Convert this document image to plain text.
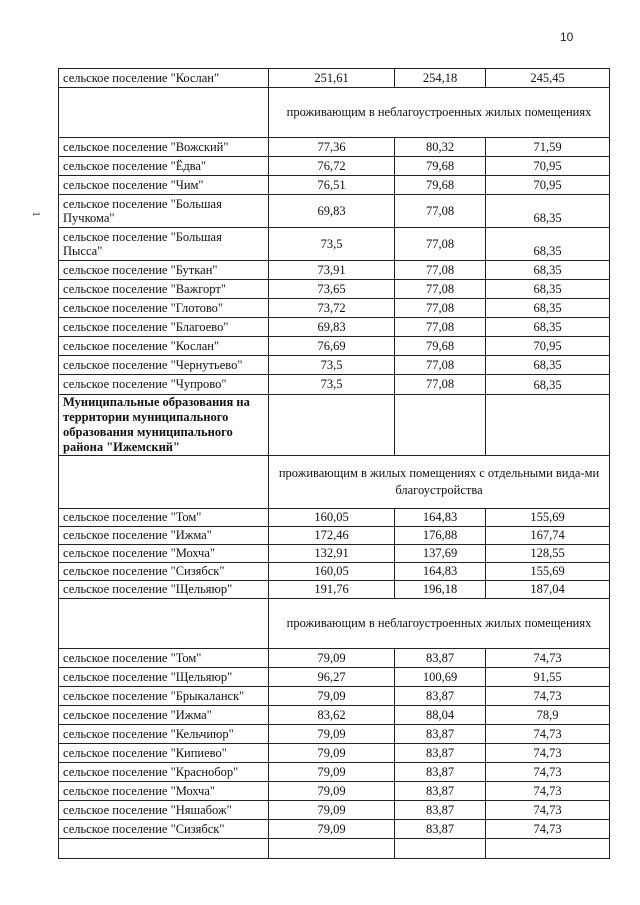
10
1
сельское поселение "Кослан"	251,61	254,18	245,45
	проживающим в неблагоустроенных жилых помещениях		
сельское поселение "Вожский"	77,36	80,32	71,59
сельское поселение "Ёдва"	76,72	79,68	70,95
сельское поселение "Чим"	76,51	79,68	70,95
сельское поселение "Большая Пучкома"	69,83	77,08	68,35
сельское поселение "Большая Пысса"	73,5	77,08	68,35
сельское поселение "Буткан"	73,91	77,08	68,35
сельское поселение "Важгорт"	73,65	77,08	68,35
сельское поселение "Глотово"	73,72	77,08	68,35
сельское поселение "Благоево"	69,83	77,08	68,35
сельское поселение "Кослан"	76,69	79,68	70,95
сельское поселение "Чернутьево"	73,5	77,08	68,35
сельское поселение "Чупрово"	73,5	77,08	68,35
Муниципальные образования на территории муниципального образования муниципального района "Ижемский"			
	проживающим в жилых помещениях с отдельными вида-ми благоустройства		
сельское поселение "Том"	160,05	164,83	155,69
сельское поселение "Ижма"	172,46	176,88	167,74
сельское поселение "Мохча"	132,91	137,69	128,55
сельское поселение "Сизябск"	160,05	164,83	155,69
сельское поселение "Щельяюр"	191,76	196,18	187,04
	проживающим в неблагоустроенных жилых помещениях		
сельское поселение "Том"	79,09	83,87	74,73
сельское поселение "Щельяюр"	96,27	100,69	91,55
сельское поселение "Брыкаланск"	79,09	83,87	74,73
сельское поселение "Ижма"	83,62	88,04	78,9
сельское поселение "Кельчиюр"	79,09	83,87	74,73
сельское поселение "Кипиево"	79,09	83,87	74,73
сельское поселение "Краснобор"	79,09	83,87	74,73
сельское поселение "Мохча"	79,09	83,87	74,73
сельское поселение "Няшабож"	79,09	83,87	74,73
сельское поселение "Сизябск"	79,09	83,87	74,73
